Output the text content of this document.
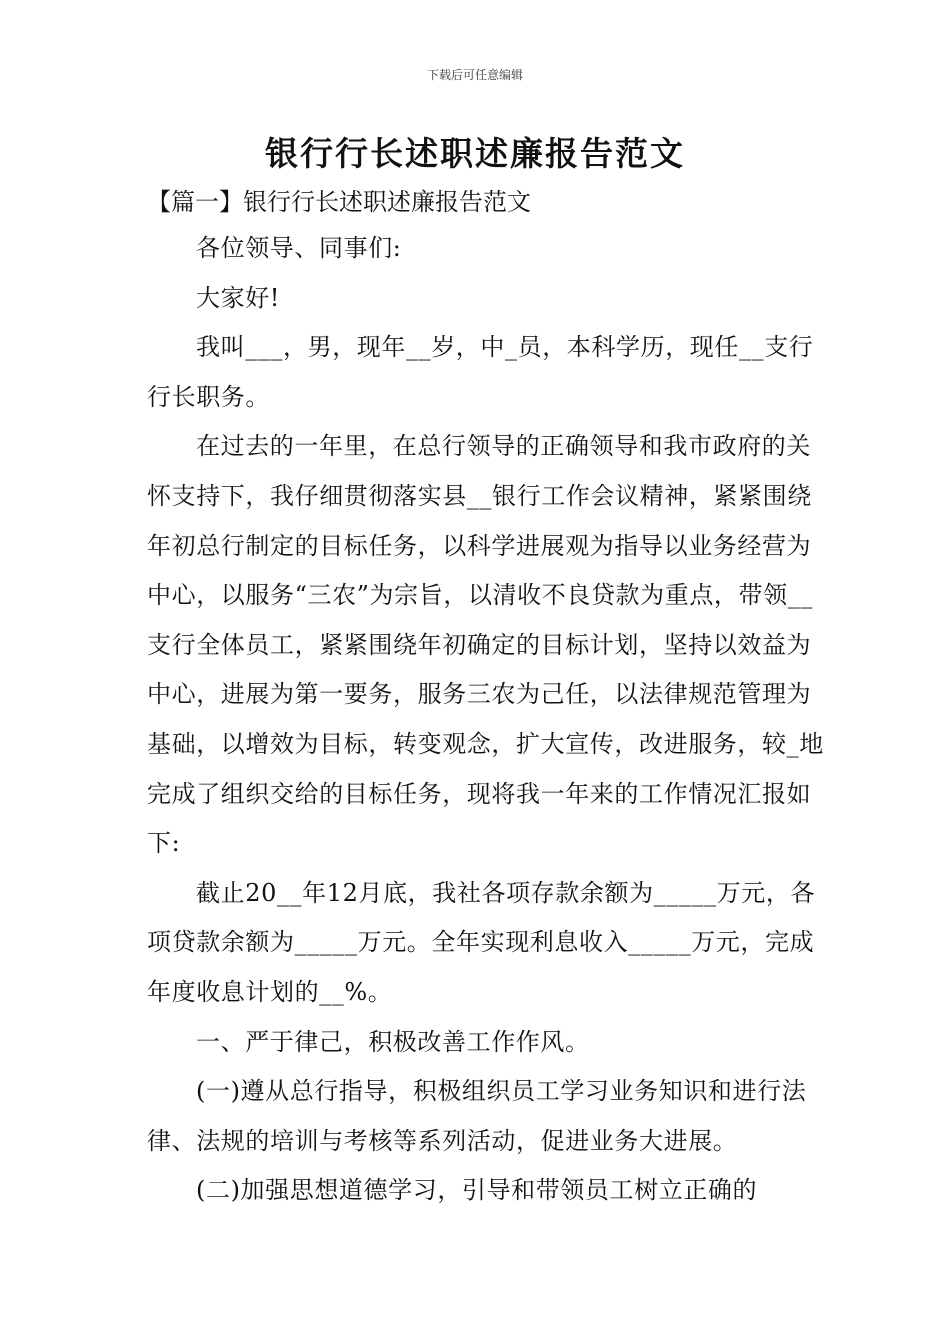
下载后可任意编辑
银行行长述职述廉报告范文
【篇一】银行行长述职述廉报告范文

各位领导、同事们:

大家好!

我叫___，男，现年__岁，中_员，本科学历，现任__支行行长职务。

在过去的一年里，在总行领导的正确领导和我市政府的关怀支持下，我仔细贯彻落实县__银行工作会议精神，紧紧围绕年初总行制定的目标任务，以科学进展观为指导以业务经营为中心，以服务“三农”为宗旨，以清收不良贷款为重点，带领__支行全体员工，紧紧围绕年初确定的目标计划，坚持以效益为中心，进展为第一要务，服务三农为己任，以法律规范管理为基础，以增效为目标，转变观念，扩大宣传，改进服务，较_地完成了组织交给的目标任务，现将我一年来的工作情况汇报如下:

截止20__年12月底，我社各项存款余额为_____万元，各项贷款余额为_____万元。全年实现利息收入_____万元，完成年度收息计划的__%。

一、严于律己，积极改善工作作风。

(一)遵从总行指导，积极组织员工学习业务知识和进行法律、法规的培训与考核等系列活动，促进业务大进展。

(二)加强思想道德学习，引导和带领员工树立正确的
